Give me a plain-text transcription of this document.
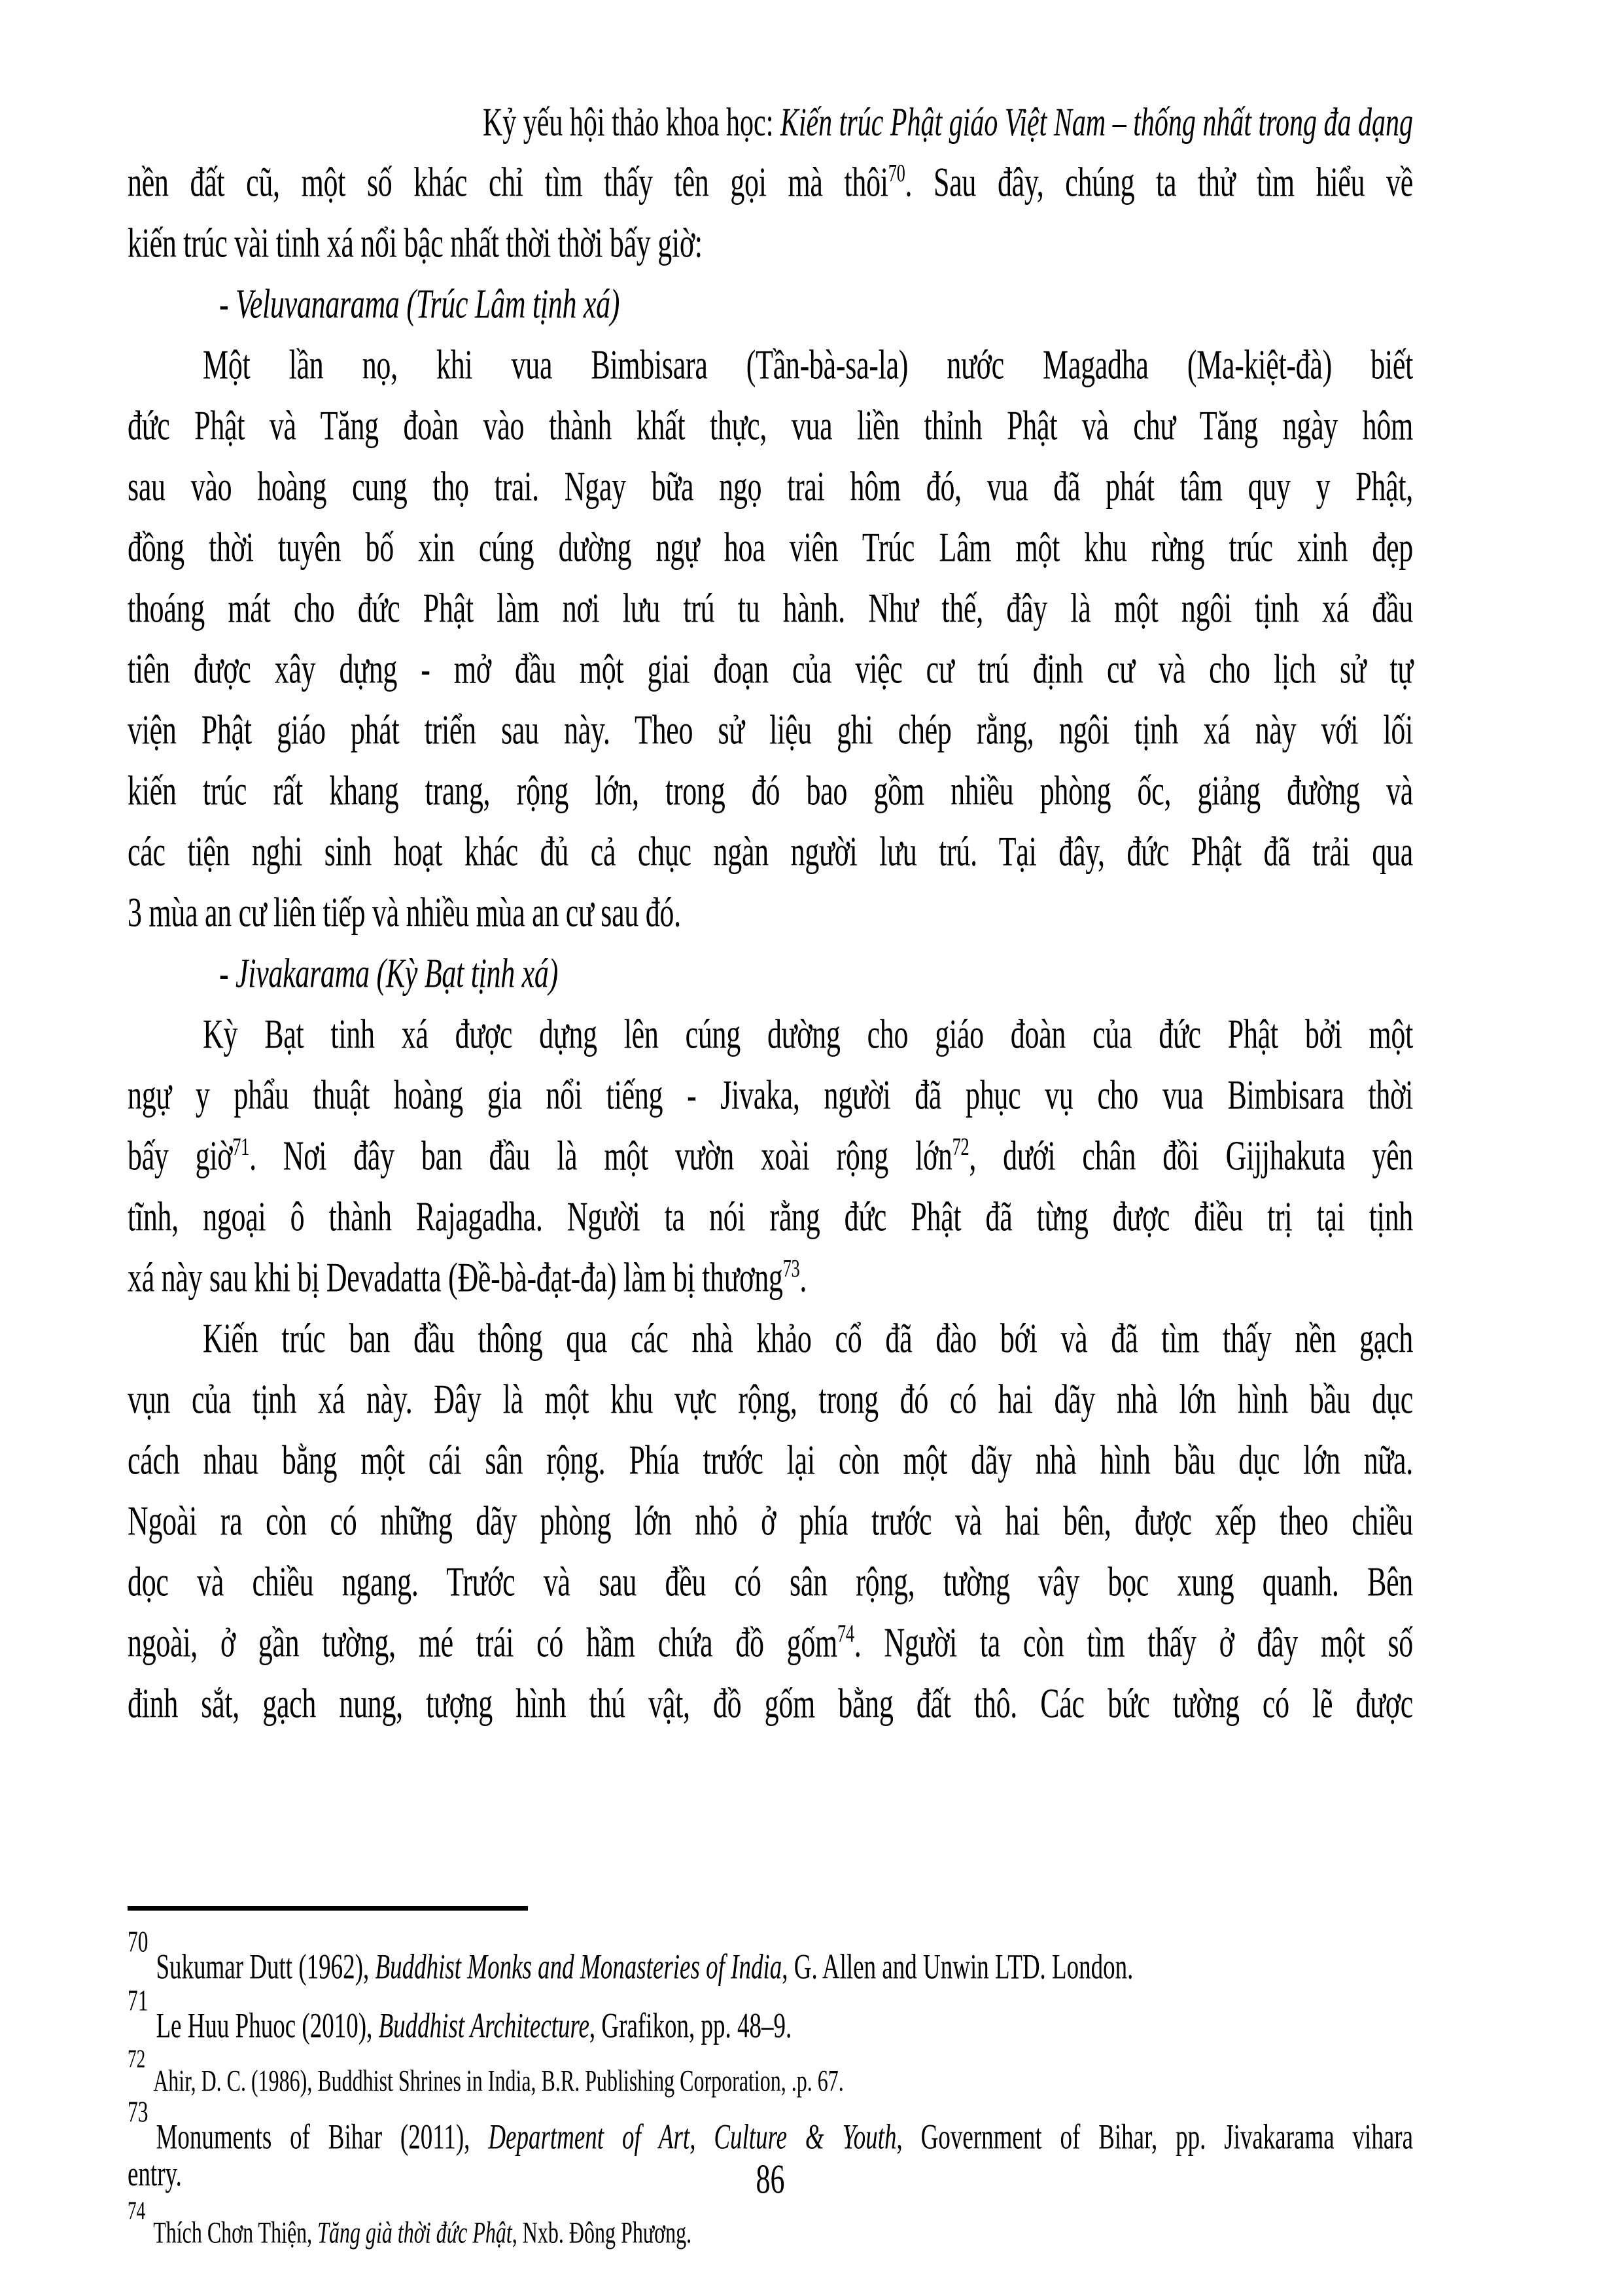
Kỷ yếu hội thảo khoa học: Kiến trúc Phật giáo Việt Nam – thống nhất trong đa dạng
nền đất cũ, một số khác chỉ tìm thấy tên gọi mà thôi$^{70}$. Sau đây, chúng ta thử tìm hiểu về
kiến trúc vài tinh xá nổi bậc nhất thời thời bấy giờ:
- Veluvanarama (Trúc Lâm tịnh xá)
Một lần nọ, khi vua Bimbisara (Tần-bà-sa-la) nước Magadha (Ma-kiệt-đà) biết
đức Phật và Tăng đoàn vào thành khất thực, vua liền thỉnh Phật và chư Tăng ngày hôm
sau vào hoàng cung thọ trai. Ngay bữa ngọ trai hôm đó, vua đã phát tâm quy y Phật,
đồng thời tuyên bố xin cúng dường ngự hoa viên Trúc Lâm một khu rừng trúc xinh đẹp
thoáng mát cho đức Phật làm nơi lưu trú tu hành. Như thế, đây là một ngôi tịnh xá đầu
tiên được xây dựng - mở đầu một giai đoạn của việc cư trú định cư và cho lịch sử tự
viện Phật giáo phát triển sau này. Theo sử liệu ghi chép rằng, ngôi tịnh xá này với lối
kiến trúc rất khang trang, rộng lớn, trong đó bao gồm nhiều phòng ốc, giảng đường và
các tiện nghi sinh hoạt khác đủ cả chục ngàn người lưu trú. Tại đây, đức Phật đã trải qua
3 mùa an cư liên tiếp và nhiều mùa an cư sau đó.
- Jivakarama (Kỳ Bạt tịnh xá)
Kỳ Bạt tinh xá được dựng lên cúng dường cho giáo đoàn của đức Phật bởi một
ngự y phẩu thuật hoàng gia nổi tiếng - Jivaka, người đã phục vụ cho vua Bimbisara thời
bấy giờ$^{71}$. Nơi đây ban đầu là một vườn xoài rộng lớn$^{72}$, dưới chân đồi Gijjhakuta yên
tĩnh, ngoại ô thành Rajagadha. Người ta nói rằng đức Phật đã từng được điều trị tại tịnh
xá này sau khi bị Devadatta (Đề-bà-đạt-đa) làm bị thương$^{73}$.
Kiến trúc ban đầu thông qua các nhà khảo cổ đã đào bới và đã tìm thấy nền gạch
vụn của tịnh xá này. Đây là một khu vực rộng, trong đó có hai dãy nhà lớn hình bầu dục
cách nhau bằng một cái sân rộng. Phía trước lại còn một dãy nhà hình bầu dục lớn nữa.
Ngoài ra còn có những dãy phòng lớn nhỏ ở phía trước và hai bên, được xếp theo chiều
dọc và chiều ngang. Trước và sau đều có sân rộng, tường vây bọc xung quanh. Bên
ngoài, ở gần tường, mé trái có hầm chứa đồ gốm$^{74}$. Người ta còn tìm thấy ở đây một số
đinh sắt, gạch nung, tượng hình thú vật, đồ gốm bằng đất thô. Các bức tường có lẽ được
$^{70}$Sukumar Dutt (1962), Buddhist Monks and Monasteries of India, G. Allen and Unwin LTD. London.
$^{71}$Le Huu Phuoc (2010), Buddhist Architecture, Grafikon, pp. 48–9.
$^{72}$Ahir, D. C. (1986), Buddhist Shrines in India, B.R. Publishing Corporation, .p. 67.
$^{73}$Monuments of Bihar (2011), Department of Art, Culture & Youth, Government of Bihar, pp. Jivakarama vihara
entry.
$^{74}$Thích Chơn Thiện, Tăng già thời đức Phật, Nxb. Đông Phương.
86
